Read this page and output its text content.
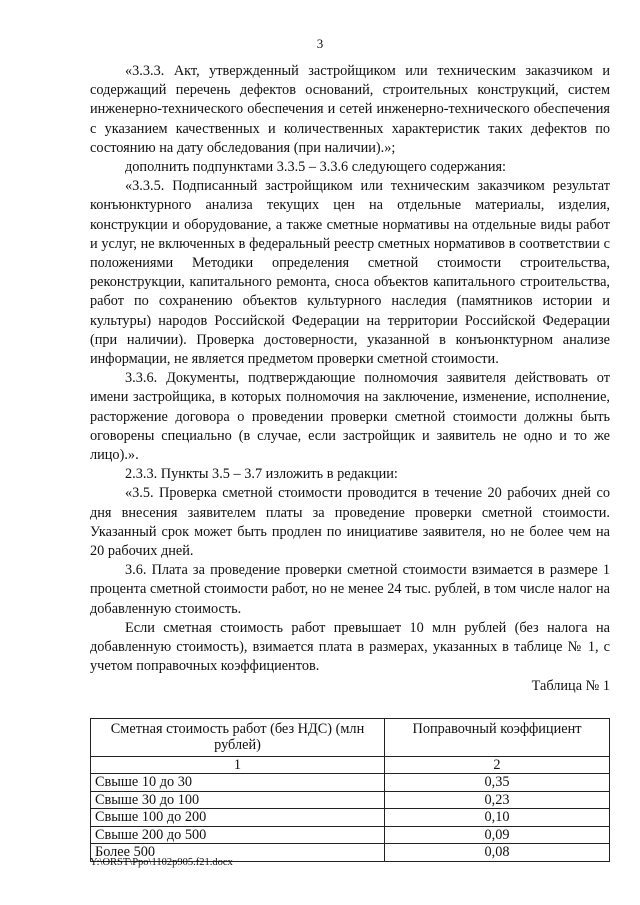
3

«3.3.3. Акт, утвержденный застройщиком или техническим заказчиком и содержащий перечень дефектов оснований, строительных конструкций, систем инженерно-технического обеспечения и сетей инженерно-технического обеспечения с указанием качественных и количественных характеристик таких дефектов по состоянию на дату обследования (при наличии).»;

дополнить подпунктами 3.3.5 – 3.3.6 следующего содержания:

«3.3.5. Подписанный застройщиком или техническим заказчиком результат конъюнктурного анализа текущих цен на отдельные материалы, изделия, конструкции и оборудование, а также сметные нормативы на отдельные виды работ и услуг, не включенных в федеральный реестр сметных нормативов в соответствии с положениями Методики определения сметной стоимости строительства, реконструкции, капитального ремонта, сноса объектов капитального строительства, работ по сохранению объектов культурного наследия (памятников истории и культуры) народов Российской Федерации на территории Российской Федерации (при наличии). Проверка достоверности, указанной в конъюнктурном анализе информации, не является предметом проверки сметной стоимости.

3.3.6. Документы, подтверждающие полномочия заявителя действовать от имени застройщика, в которых полномочия на заключение, изменение, исполнение, расторжение договора о проведении проверки сметной стоимости должны быть оговорены специально (в случае, если застройщик и заявитель не одно и то же лицо).».

2.3.3. Пункты 3.5 – 3.7 изложить в редакции:

«3.5. Проверка сметной стоимости проводится в течение 20 рабочих дней со дня внесения заявителем платы за проведение проверки сметной стоимости. Указанный срок может быть продлен по инициативе заявителя, но не более чем на 20 рабочих дней.

3.6. Плата за проведение проверки сметной стоимости взимается в размере 1 процента сметной стоимости работ, но не менее 24 тыс. рублей, в том числе налог на добавленную стоимость.

Если сметная стоимость работ превышает 10 млн рублей (без налога на добавленную стоимость), взимается плата в размерах, указанных в таблице № 1, с учетом поправочных коэффициентов.

Таблица № 1

Сметная стоимость работ (без НДС) (млн рублей)	Поправочный коэффициент
1	2
Свыше 10 до 30	0,35
Свыше 30 до 100	0,23
Свыше 100 до 200	0,10
Свыше 200 до 500	0,09
Более 500	0,08
Y:\ORST\Ppo\1102p905.f21.docx
